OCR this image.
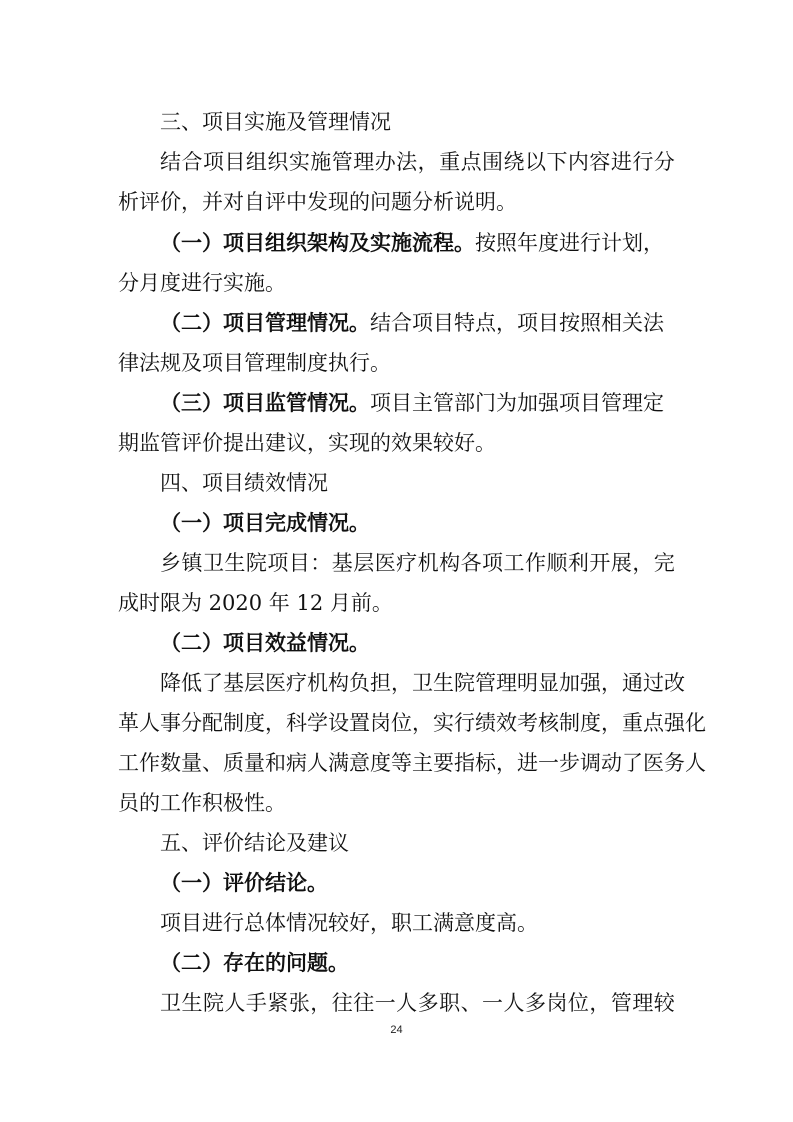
三、项目实施及管理情况
结 合 项 目 组 织 实 施 管 理 办 法 ， 重 点 围 绕 以 下 内 容 进 行 分
析评价，并对自评中发现的问题分析说明。
（一）项目组织架构及实施流程。按照年度进行计划，
分月度进行实施。
（二）项目管理情况。结合项目特点，项目按照相关法
律法规及项目管理制度执行。
（三）项目监管情况。项目主管部门为加强项目管理定
期监管评价提出建议，实现的效果较好。
四、项目绩效情况
（一）项目完成情况。
乡 镇 卫 生 院 项 目 ： 基 层 医 疗 机 构 各 项 工 作 顺 利 开 展 ， 完
成时限为 2020 年 12 月前。
（二）项目效益情况。
降 低 了 基 层 医 疗 机 构 负 担 ， 卫 生 院 管 理 明 显 加 强 ， 通 过 改
革 人 事 分 配 制 度 ， 科 学 设 置 岗 位 ， 实 行 绩 效 考 核 制 度 ， 重 点 强 化
工 作 数 量 、 质 量 和 病 人 满 意 度 等 主 要 指 标 ， 进 一 步 调 动 了 医 务 人
员的工作积极性。
五、评价结论及建议
（一）评价结论。
项目进行总体情况较好，职工满意度高。
（二）存在的问题。
卫 生 院 人 手 紧 张 ， 往 往 一 人 多 职 、 一 人 多 岗 位 ， 管 理 较
24
